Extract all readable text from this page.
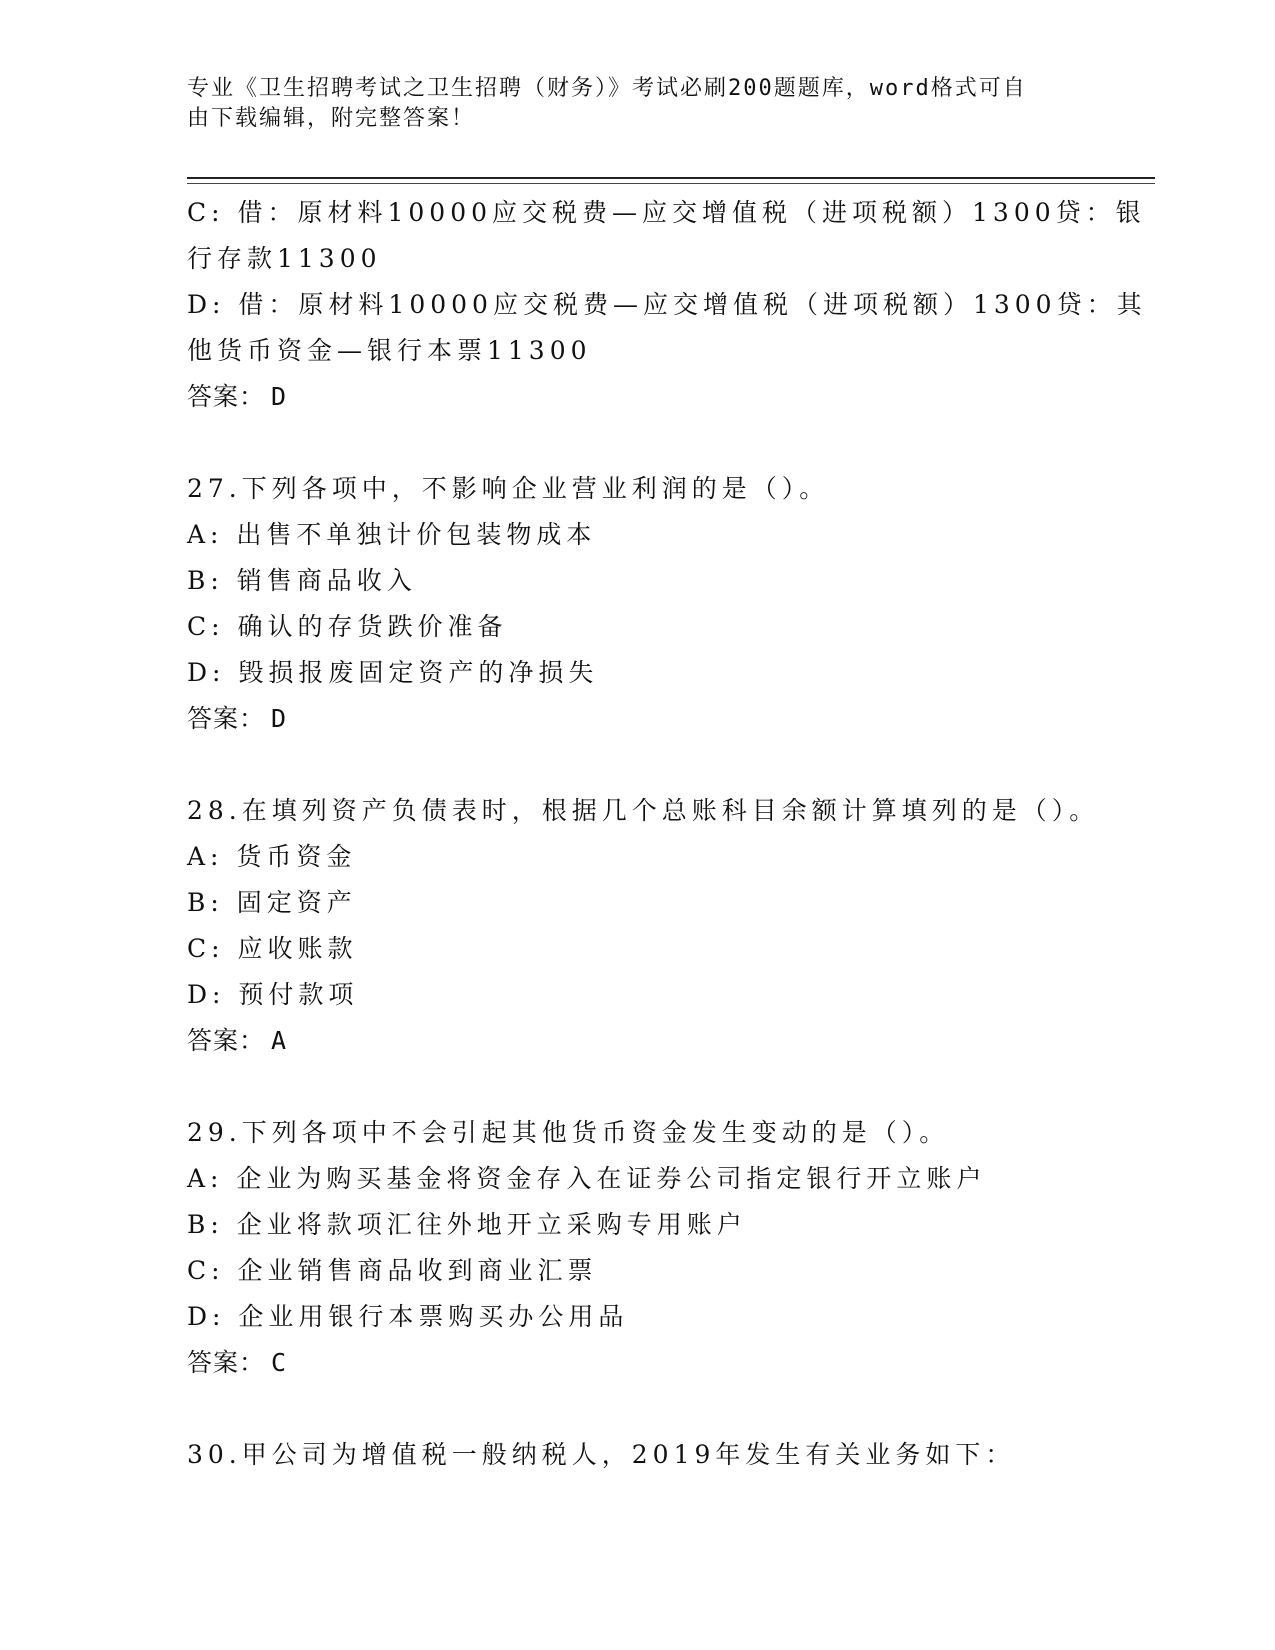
专业《卫生招聘考试之卫生招聘（财务）》考试必刷200题题库，word格式可自
由下载编辑，附完整答案！
C: 借：原材料10000应交税费—应交增值税（进项税额）1300贷：银
行存款11300
D: 借：原材料10000应交税费—应交增值税（进项税额）1300贷：其
他货币资金—银行本票11300
答案： D
27.下列各项中，不影响企业营业利润的是（）。
A: 出售不单独计价包装物成本
B: 销售商品收入
C: 确认的存货跌价准备
D: 毁损报废固定资产的净损失
答案： D
28.在填列资产负债表时，根据几个总账科目余额计算填列的是（）。
A: 货币资金
B: 固定资产
C: 应收账款
D: 预付款项
答案： A
29.下列各项中不会引起其他货币资金发生变动的是（）。
A: 企业为购买基金将资金存入在证券公司指定银行开立账户
B: 企业将款项汇往外地开立采购专用账户
C: 企业销售商品收到商业汇票
D: 企业用银行本票购买办公用品
答案： C
30.甲公司为增值税一般纳税人，2019年发生有关业务如下：
